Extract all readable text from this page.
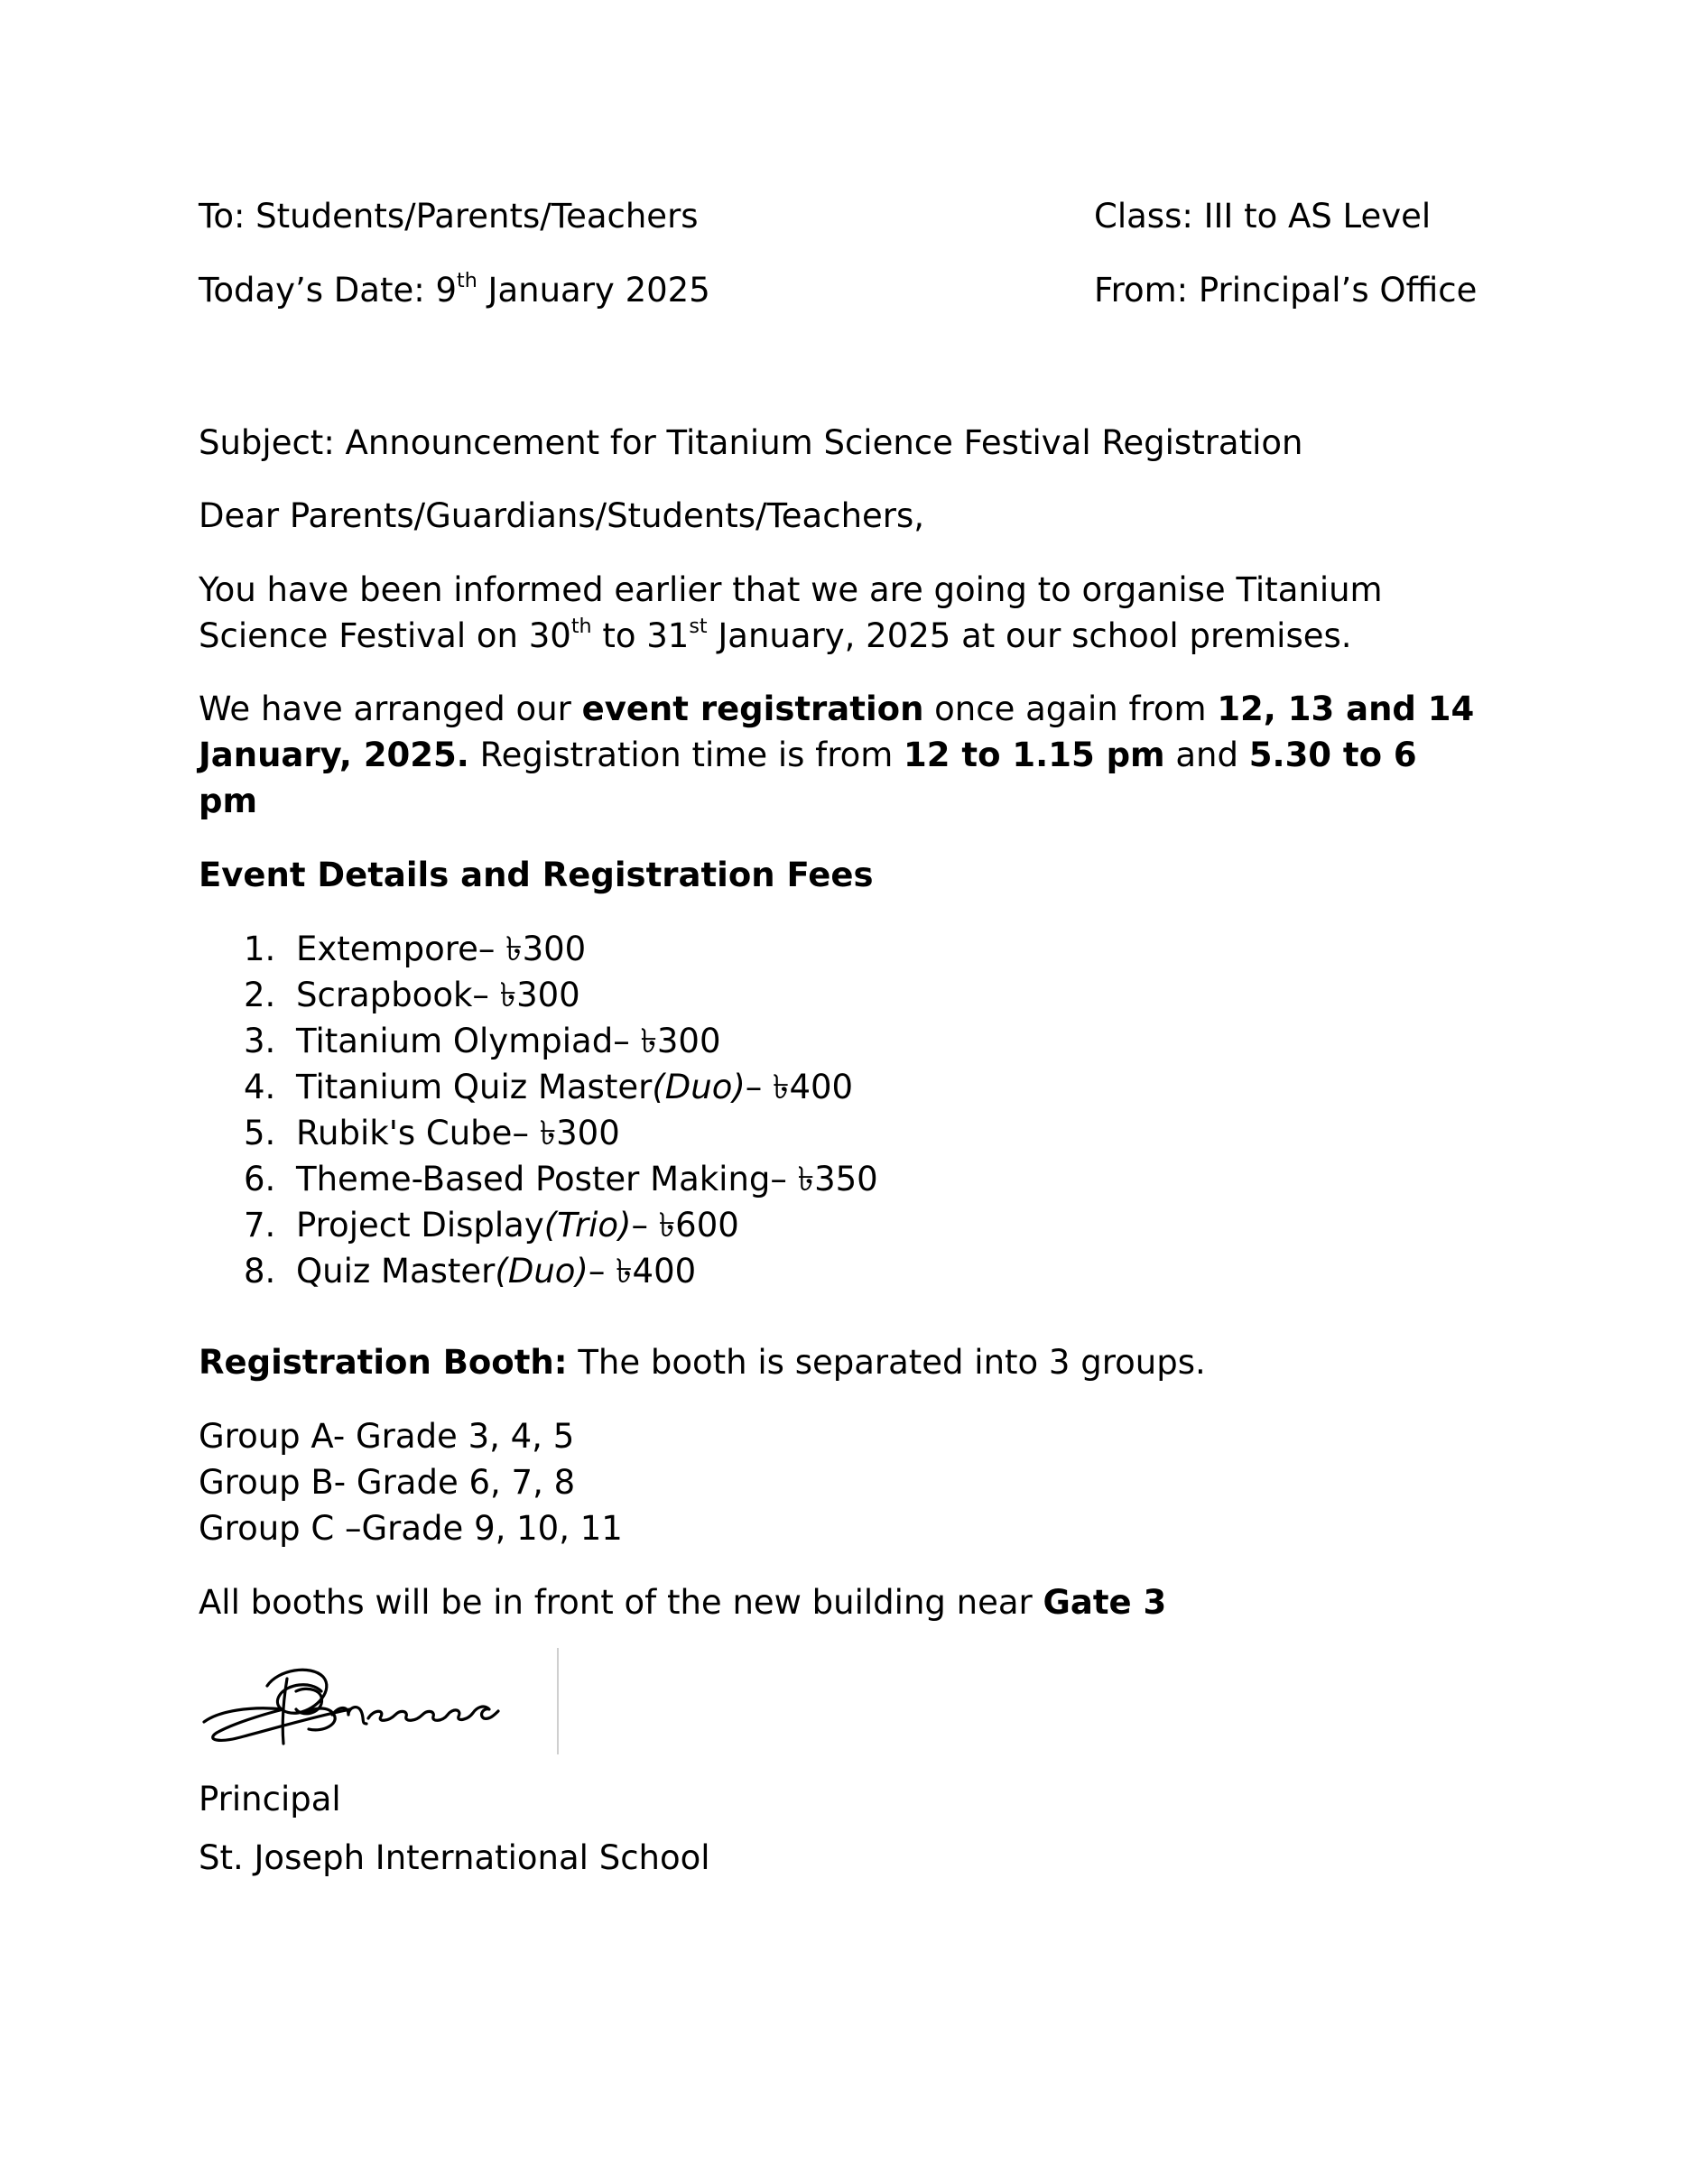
To: Students/Parents/Teachers	Class: III to AS Level
Today’s Date: 9th January 2025	From: Principal’s Office
Subject: Announcement for Titanium Science Festival Registration
Dear Parents/Guardians/Students/Teachers,
You have been informed earlier that we are going to organise Titanium Science Festival on 30th to 31st January, 2025 at our school premises.
We have arranged our event registration once again from 12, 13 and 14 January, 2025. Registration time is from 12 to 1.15 pm and 5.30 to 6 pm
Event Details and Registration Fees
1. Extempore – ৳300
2. Scrapbook – ৳300
3. Titanium Olympiad – ৳300
4. Titanium Quiz Master (Duo) – ৳400
5. Rubik's Cube – ৳300
6. Theme-Based Poster Making – ৳350
7. Project Display (Trio) – ৳600
8. Quiz Master (Duo) – ৳400
Registration Booth: The booth is separated into 3 groups.
Group A- Grade 3, 4, 5
Group B- Grade 6, 7, 8
Group C –Grade 9, 10, 11
All booths will be in front of the new building near Gate 3
Principal
St. Joseph International School
